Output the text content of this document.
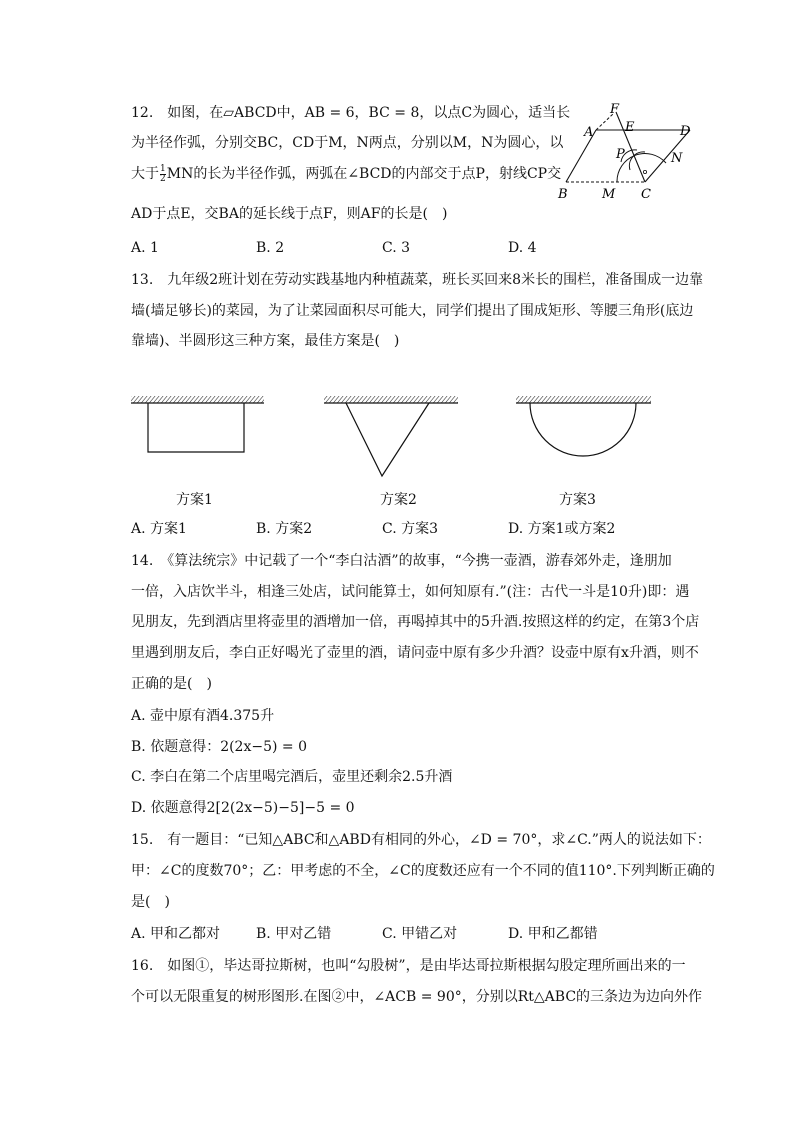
12.　如图，在▱ABCD中，AB = 6，BC = 8，以点C为圆心，适当长
为半径作弧，分别交BC，CD于M，N两点，分别以M，N为圆心，以
大于 $\frac{1}{2}$ MN的长为半径作弧，两弧在∠BCD的内部交于点P，射线CP交
AD于点E，交BA的延长线于点F，则AF的长是(　)
A. 1	B. 2	C. 3	D. 4
F
A E	D
P	N
B	M C
13.　九年级2班计划在劳动实践基地内种植蔬菜，班长买回来8米长的围栏，准备围成一边靠
墙(墙足够长)的菜园，为了让菜园面积尽可能大，同学们提出了围成矩形、等腰三角形(底边
靠墙)、半圆形这三种方案，最佳方案是(　)
方案1	方案2	方案3
A. 方案1	B. 方案2	C. 方案3	D. 方案1或方案2
14.　《算法统宗》中记载了一个“李白沽酒”的故事，“今携一壶酒，游春郊外走，逢朋加
一倍，入店饮半斗，相逢三处店，试问能算士，如何知原有.”(注：古代一斗是10升)即：遇
见朋友，先到酒店里将壶里的酒增加一倍，再喝掉其中的5升酒.按照这样的约定，在第3个店
里遇到朋友后，李白正好喝光了壶里的酒，请问壶中原有多少升酒？设壶中原有x升酒，则不
正确的是(　)
A. 壶中原有酒4.375升
B. 依题意得：2(2x−5) = 0
C. 李白在第二个店里喝完酒后，壶里还剩余2.5升酒
D. 依题意得2[2(2x−5)−5]−5 = 0
15.　有一题目：“已知△ABC和△ABD有相同的外心，∠D = 70°，求∠C.”两人的说法如下：
甲：∠C的度数70°；乙：甲考虑的不全，∠C的度数还应有一个不同的值110°.下列判断正确的
是(　)
A. 甲和乙都对	B. 甲对乙错	C. 甲错乙对	D. 甲和乙都错
16.　如图①，毕达哥拉斯树，也叫“勾股树”，是由毕达哥拉斯根据勾股定理所画出来的一
个可以无限重复的树形图形.在图②中，∠ACB = 90°，分别以Rt△ABC的三条边为边向外作
